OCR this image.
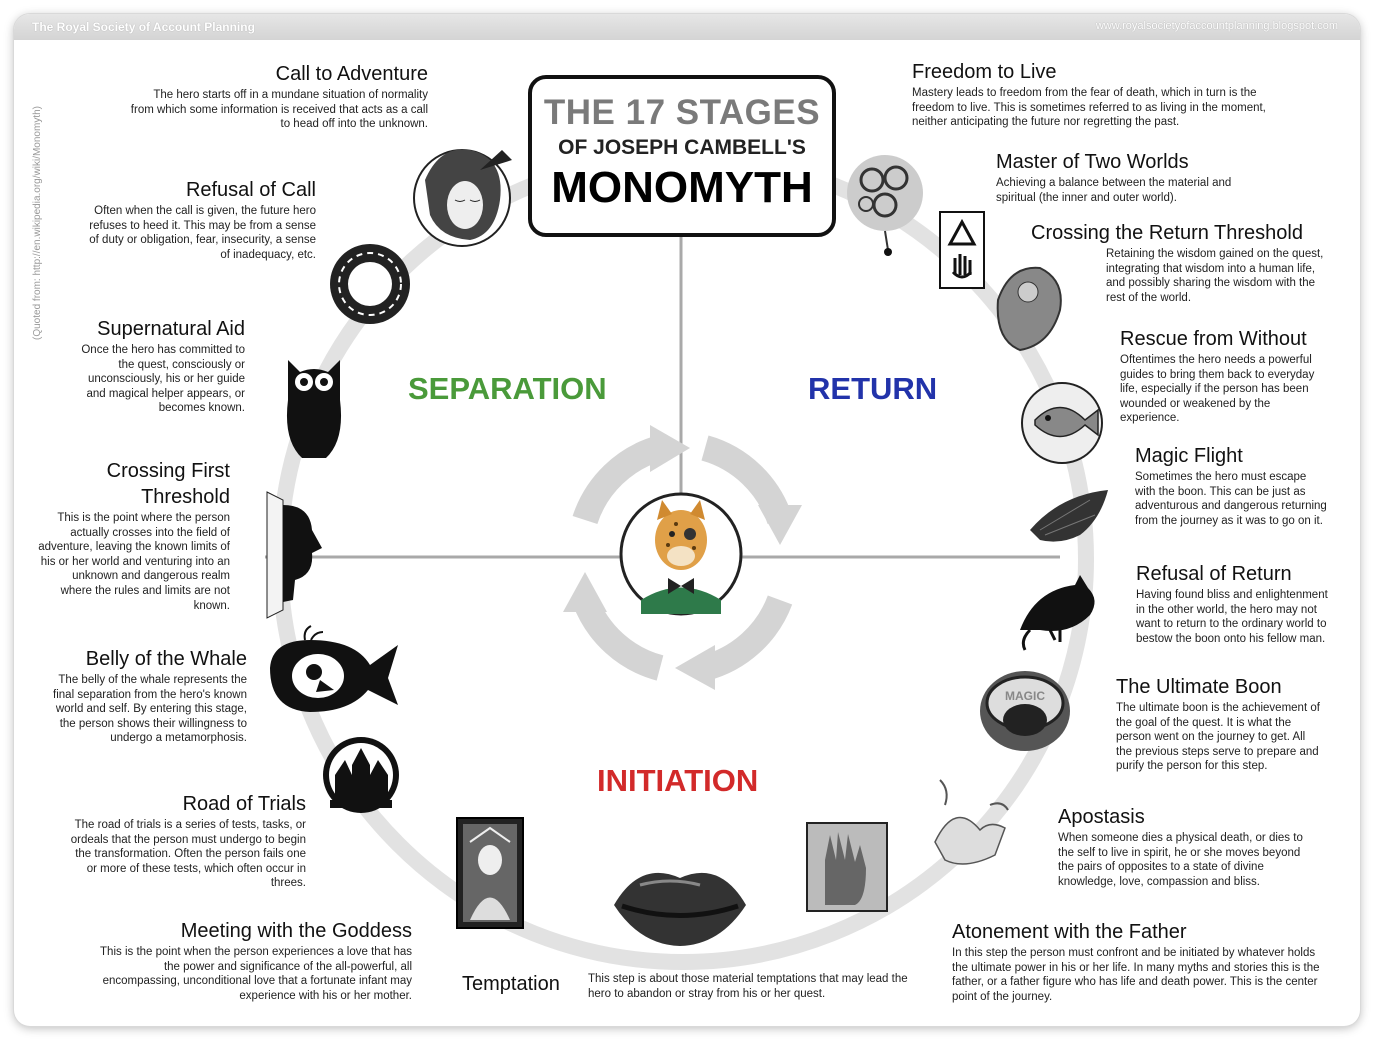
The Royal Society of Account Planning	www.royalsocietyofaccountplanning.blogspot.com
(Quoted from: http://en.wikipedia.org/wiki/Monomyth)
MAGIC
THE 17 STAGES
OF JOSEPH CAMBELL'S
MONOMYTH
SEPARATION	RETURN
INITIATION
Call to Adventure
The hero starts off in a mundane situation of normality from which some information is received that acts as a call to head off into the unknown.
Refusal of Call
Often when the call is given, the future hero refuses to heed it. This may be from a sense of duty or obligation, fear, insecurity, a sense of inadequacy, etc.
Supernatural Aid
Once the hero has committed to the quest, consciously or unconsciously, his or her guide and magical helper appears, or becomes known.
Crossing First
Threshold
This is the point where the person actually crosses into the field of adventure, leaving the known limits of his or her world and venturing into an unknown and dangerous realm where the rules and limits are not known.
Belly of the Whale
The belly of the whale represents the final separation from the hero's known world and self. By entering this stage, the person shows their willingness to undergo a metamorphosis.
Road of Trials
The road of trials is a series of tests, tasks, or ordeals that the person must undergo to begin the transformation. Often the person fails one or more of these tests, which often occur in threes.
Meeting with the Goddess
This is the point when the person experiences a love that has the power and significance of the all-powerful, all encompassing, unconditional love that a fortunate infant may experience with his or her mother.
Temptation This step is about those material temptations that may lead the hero to abandon or stray from his or her quest.
Atonement with the Father
In this step the person must confront and be initiated by whatever holds the ultimate power in his or her life. In many myths and stories this is the father, or a father figure who has life and death power. This is the center point of the journey.
Apostasis
When someone dies a physical death, or dies to the self to live in spirit, he or she moves beyond the pairs of opposites to a state of divine knowledge, love, compassion and bliss.
The Ultimate Boon
The ultimate boon is the achievement of the goal of the quest. It is what the person went on the journey to get. All the previous steps serve to prepare and purify the person for this step.
Refusal of Return
Having found bliss and enlightenment in the other world, the hero may not want to return to the ordinary world to bestow the boon onto his fellow man.
Magic Flight
Sometimes the hero must escape with the boon. This can be just as adventurous and dangerous returning from the journey as it was to go on it.
Rescue from Without
Oftentimes the hero needs a powerful guides to bring them back to everyday life, especially if the person has been wounded or weakened by the experience.
Crossing the Return Threshold
Retaining the wisdom gained on the quest, integrating that wisdom into a human life, and possibly sharing the wisdom with the rest of the world.
Master of Two Worlds
Achieving a balance between the material and spiritual (the inner and outer world).
Freedom to Live
Mastery leads to freedom from the fear of death, which in turn is the freedom to live. This is sometimes referred to as living in the moment, neither anticipating the future nor regretting the past.
